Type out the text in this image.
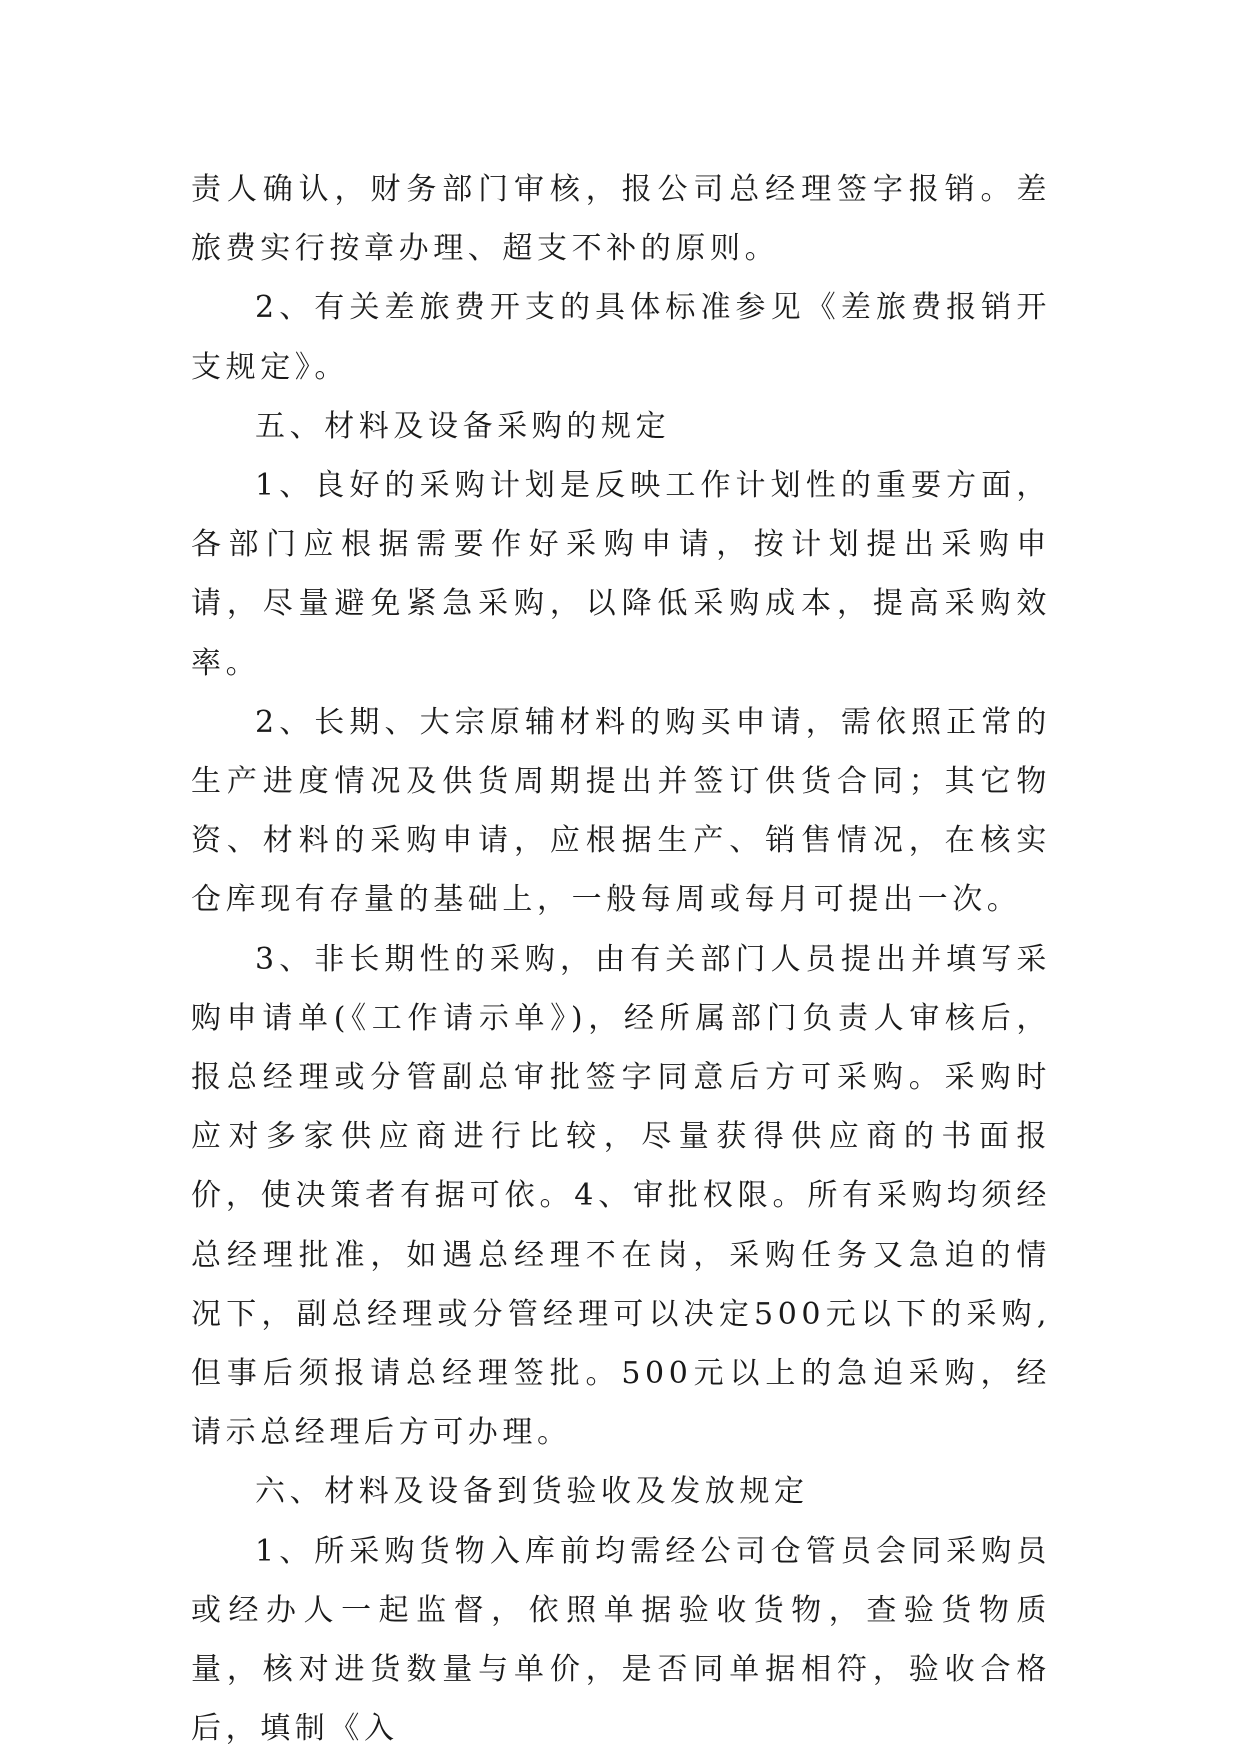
责人确认，财务部门审核，报公司总经理签字报销。差旅费实行按章办理、超支不补的原则。

2、有关差旅费开支的具体标准参见《差旅费报销开支规定》。

五、材料及设备采购的规定

1、良好的采购计划是反映工作计划性的重要方面，各部门应根据需要作好采购申请，按计划提出采购申请，尽量避免紧急采购，以降低采购成本，提高采购效率。

2、长期、大宗原辅材料的购买申请，需依照正常的生产进度情况及供货周期提出并签订供货合同；其它物资、材料的采购申请，应根据生产、销售情况，在核实仓库现有存量的基础上，一般每周或每月可提出一次。

3、非长期性的采购，由有关部门人员提出并填写采购申请单(《工作请示单》)，经所属部门负责人审核后，报总经理或分管副总审批签字同意后方可采购。采购时应对多家供应商进行比较，尽量获得供应商的书面报价，使决策者有据可依。4、审批权限。所有采购均须经总经理批准，如遇总经理不在岗，采购任务又急迫的情况下，副总经理或分管经理可以决定500元以下的采购,但事后须报请总经理签批。500元以上的急迫采购，经请示总经理后方可办理。

六、材料及设备到货验收及发放规定

1、所采购货物入库前均需经公司仓管员会同采购员或经办人一起监督，依照单据验收货物，查验货物质量，核对进货数量与单价，是否同单据相符，验收合格后，填制《入
